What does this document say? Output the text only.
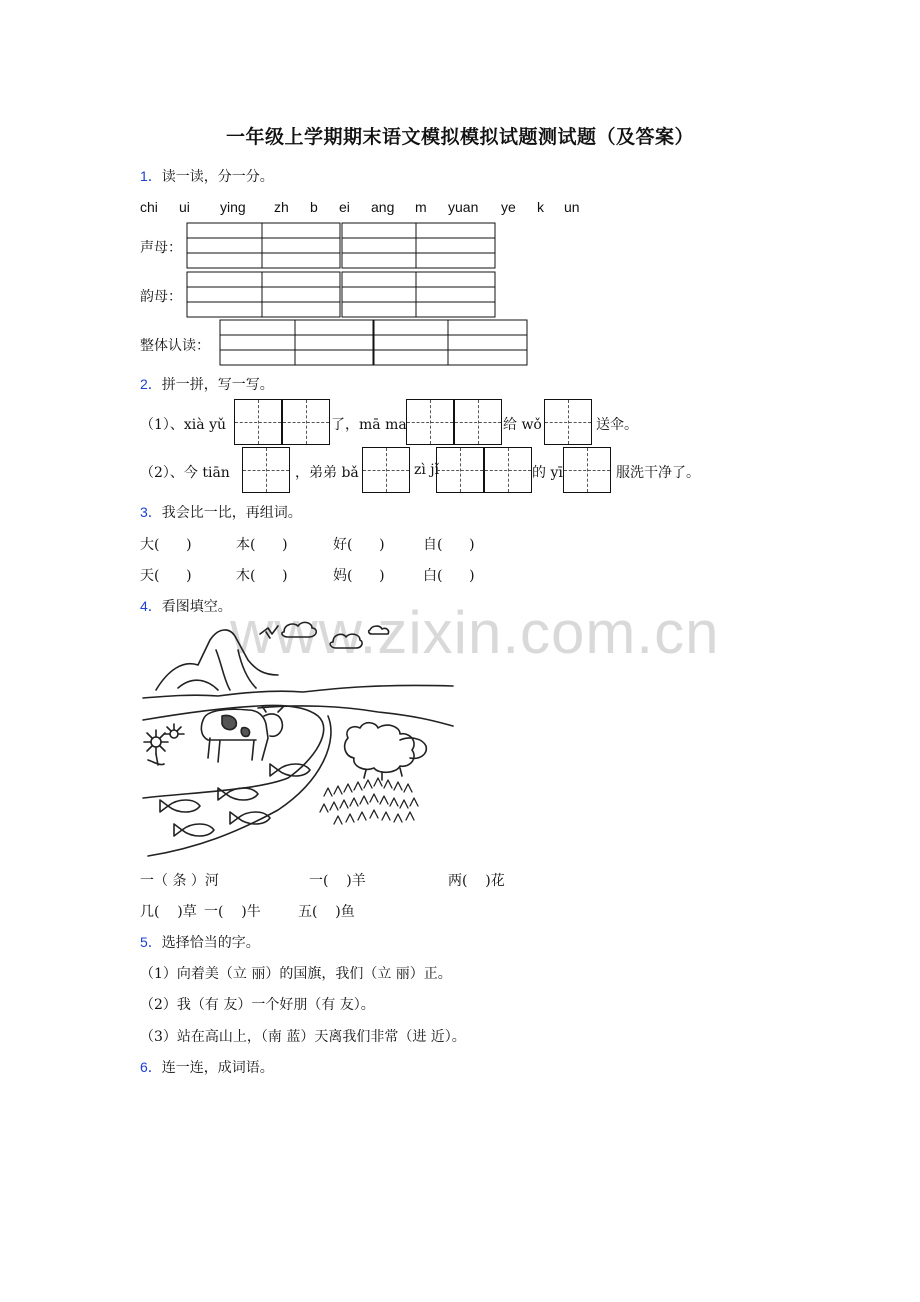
www.zixin.com.cn
一年级上学期期末语文模拟模拟试题测试题（及答案）
1．读一读，分一分。
chi ui ying zh b ei ang m yuan ye k un
声母：
韵母：
整体认读：
2．拼一拼，写一写。
（1）、xià yǔ	了，mā ma	给 wǒ	送伞。
（2）、今 tiān	，弟弟 bǎ	zì jǐ	的 yī	服洗干净了。
3．我会比一比，再组词。
大(      )	本(      )	好(      )	自(      )
天(      )	木(      )	妈(      )	白(      )
4．看图填空。
一（ 条 ）河	一(    )羊	两(    )花
几(    )草 一(    )牛	五(    )鱼
5．选择恰当的字。
（1）向着美（立 丽）的国旗，我们（立 丽）正。
（2）我（有 友）一个好朋（有 友）。
（3）站在高山上，（南 蓝）天离我们非常（进 近）。
6．连一连，成词语。
